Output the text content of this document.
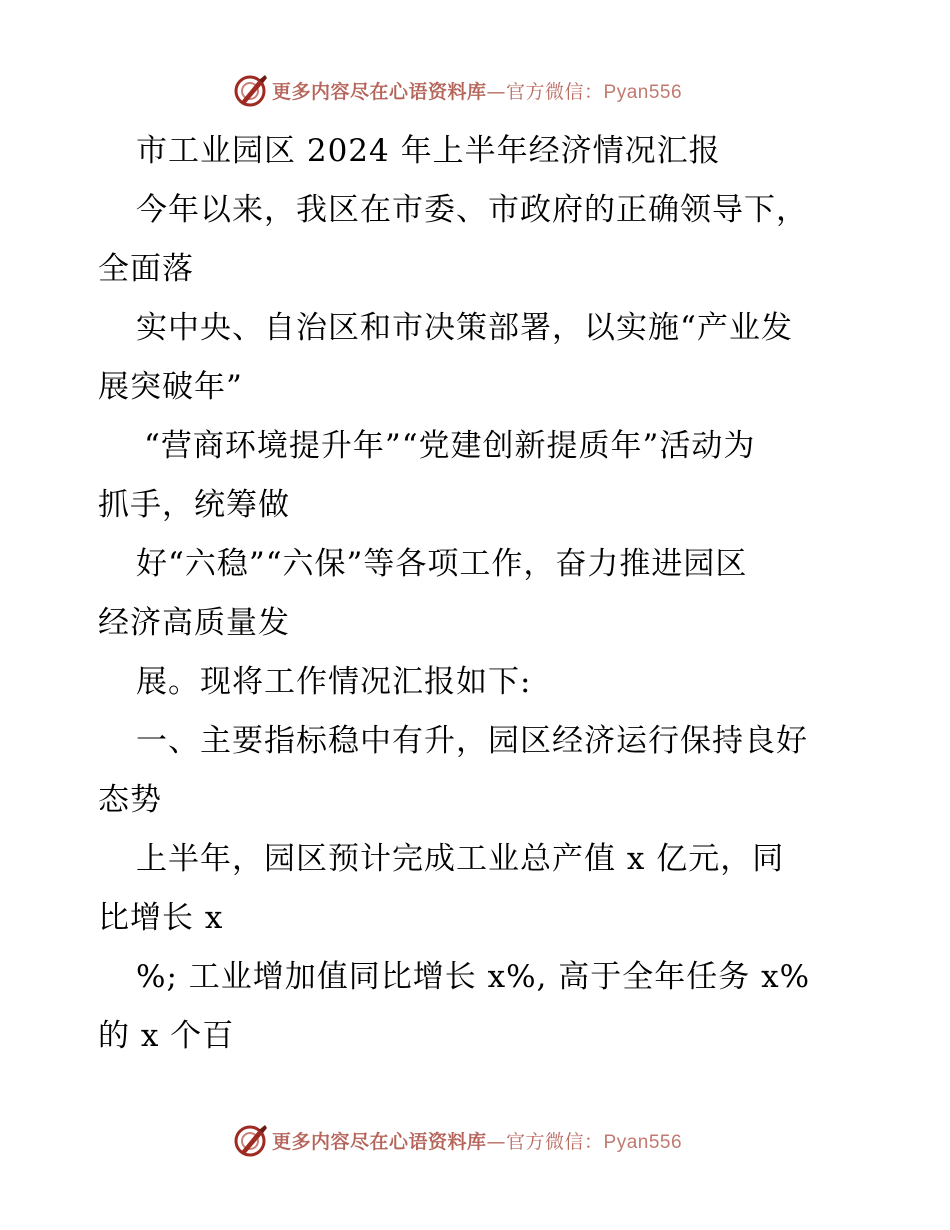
更多内容尽在心语资料库—官方微信：Pyan556
市工业园区 2024 年上半年经济情况汇报
今年以来，我区在市委、市政府的正确领导下，
全面落
实中央、自治区和市决策部署，以实施“产业发
展突破年”
“营商环境提升年”“党建创新提质年”活动为
抓手，统筹做
好“六稳”“六保”等各项工作，奋力推进园区
经济高质量发
展。现将工作情况汇报如下:
一、主要指标稳中有升，园区经济运行保持良好
态势
上半年，园区预计完成工业总产值 x 亿元，同
比增长 x
%; 工业增加值同比增长 x%, 高于全年任务 x%
的 x 个百
更多内容尽在心语资料库—官方微信：Pyan556
